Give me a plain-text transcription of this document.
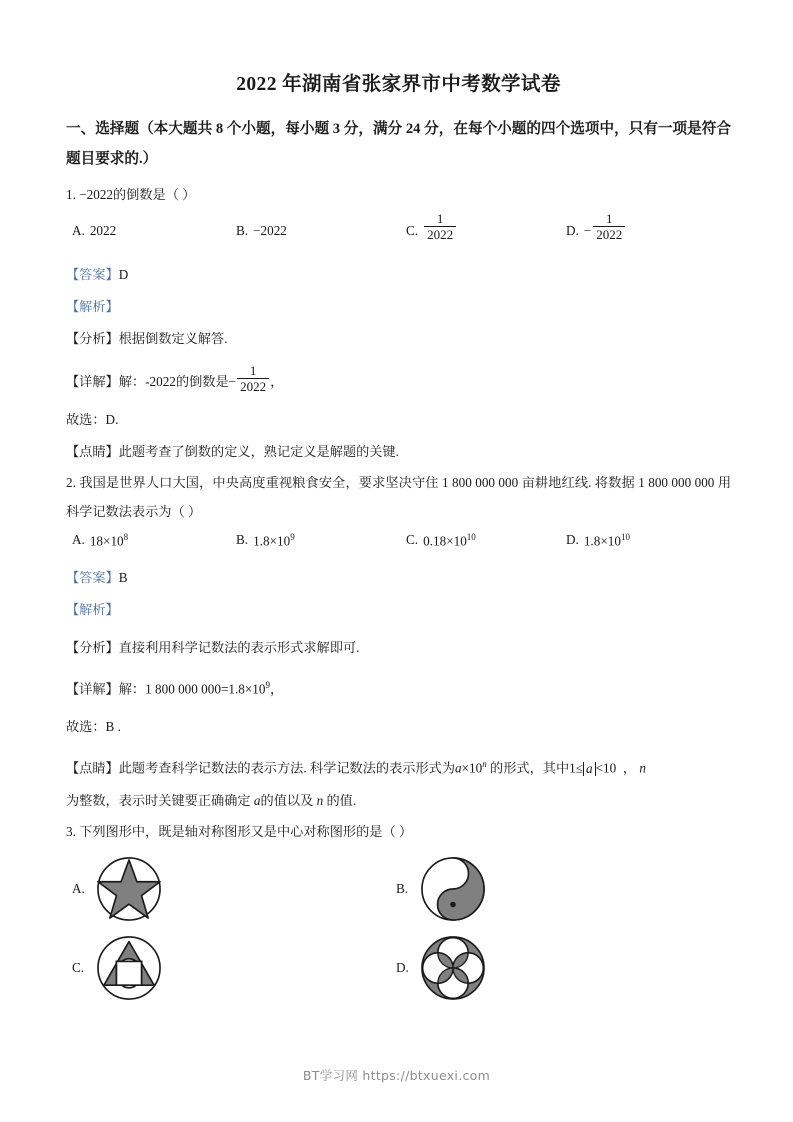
2022 年湖南省张家界市中考数学试卷
一、选择题（本大题共 8 个小题，每小题 3 分，满分 24 分，在每个小题的四个选项中，只有一项是符合题目要求的.）
1. −2022的倒数是（ ）
A. 2022	B. −2022	C. $\frac{1}{2022}$	D. − $\frac{1}{2022}$
【答案】D
【解析】
【分析】根据倒数定义解答.
【详解】解：-2022的倒数是 − $\frac{1}{2022}$ ，
故选：D.
【点睛】此题考查了倒数的定义，熟记定义是解题的关键.
2. 我国是世界人口大国，中央高度重视粮食安全，要求坚决守住 1 800 000 000 亩耕地红线. 将数据 1 800 000 000 用科学记数法表示为（ ）
A. $18\times 10^8$	B. $1.8\times 10^9$	C. $0.18\times 10^{10}$	D. $1.8\times 10^{10}$
【答案】B
【解析】
【分析】直接利用科学记数法的表示形式求解即可.
【详解】解：1 800 000 $000=1.8\times 10^9$，
故选：B .
【点睛】此题考查科学记数法的表示方法. 科学记数法的表示形式为$a\times 10^n$ 的形式，其中1≤ a <10 ， n
为整数，表示时关键要正确确定 a的值以及 n 的值.
3. 下列图形中，既是轴对称图形又是中心对称图形的是（ ）
A.	B.
C.	D.
BT学习网 https://btxuexi.com
